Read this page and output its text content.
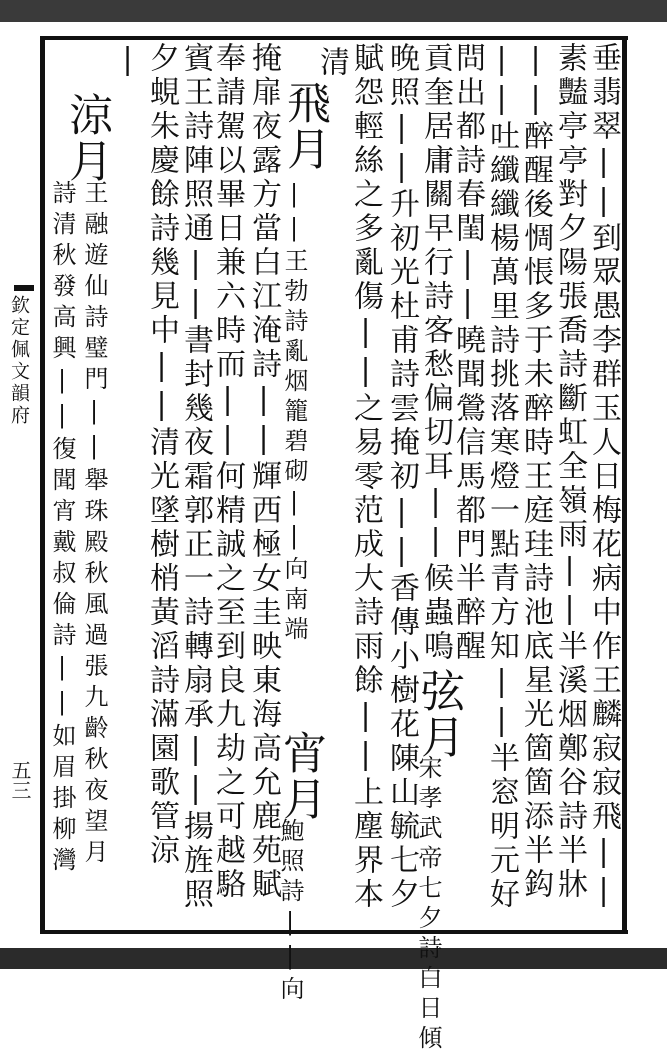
欽定佩文韻府
五三	垂翡翠||到眾愚李群玉人日梅花病中作王麟寂寂飛||
素豔亭亭對夕陽張喬詩斷虹全嶺雨||半溪烟鄭谷詩半牀
||醉醒後惆悵多于未醉時王庭珪詩池底星光箇箇添半鈎
||吐纖纖楊萬里詩挑落寒燈一點青方知||半窓明元好
問出都詩春閨||曉聞鶯信馬都門半醉醒
貢奎居庸關早行詩客愁偏切耳||候蟲鳴
弦月
宋孝武帝七夕詩白日傾
晚照||升初光杜甫詩雲掩初||香傳小樹花陳山毓七夕
賦怨輕絲之多亂傷||之易零范成大詩雨餘||上塵界本
清
飛月
||王勃詩亂烟籠碧砌||向南端
宵月
鮑照詩||向
掩扉夜露方當白江淹詩||輝西極女圭映東海高允鹿苑賦
奉請駕以畢日兼六時而||何精誠之至到良九劫之可越駱
賓王詩陣照通||書封幾夜霜郭正一詩轉扇承||揚旌照
夕蜆朱慶餘詩幾見中||清光墜樹梢黃滔詩滿園歌管涼
|
涼月
王融遊仙詩璧門||舉珠殿秋風過張九齡秋夜望月
詩清秋發高興||復聞宵戴叔倫詩||如眉掛柳灣
